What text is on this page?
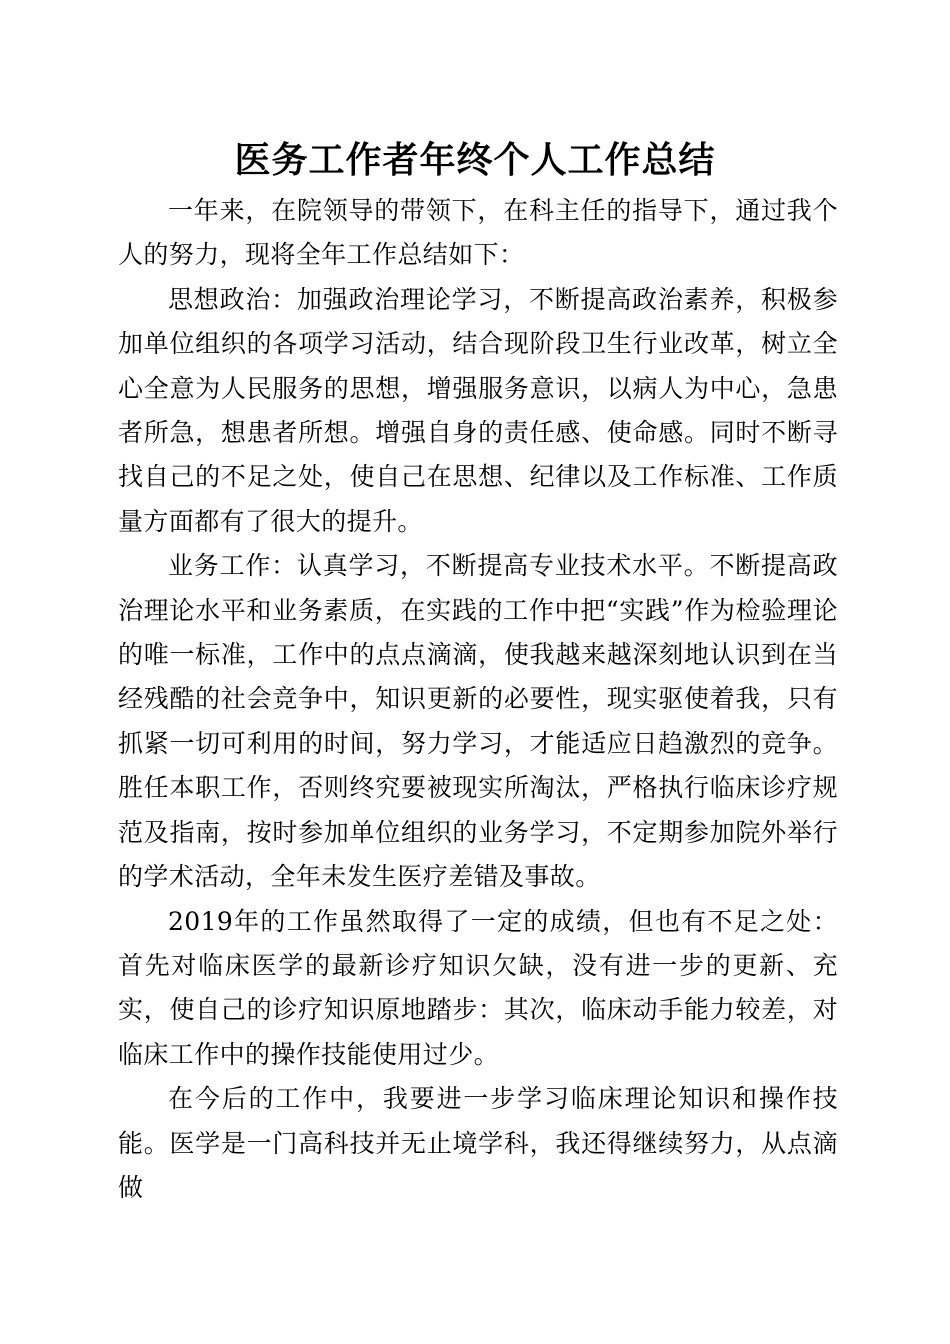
医务工作者年终个人工作总结

一年来，在院领导的带领下，在科主任的指导下，通过我个人的努力，现将全年工作总结如下：

思想政治：加强政治理论学习，不断提高政治素养，积极参加单位组织的各项学习活动，结合现阶段卫生行业改革，树立全心全意为人民服务的思想，增强服务意识，以病人为中心，急患者所急，想患者所想。增强自身的责任感、使命感。同时不断寻找自己的不足之处，使自己在思想、纪律以及工作标准、工作质量方面都有了很大的提升。

业务工作：认真学习，不断提高专业技术水平。不断提高政治理论水平和业务素质，在实践的工作中把“实践”作为检验理论的唯一标准，工作中的点点滴滴，使我越来越深刻地认识到在当经残酷的社会竞争中，知识更新的必要性，现实驱使着我，只有抓紧一切可利用的时间，努力学习，才能适应日趋激烈的竞争。胜任本职工作，否则终究要被现实所淘汰，严格执行临床诊疗规范及指南，按时参加单位组织的业务学习，不定期参加院外举行的学术活动，全年未发生医疗差错及事故。

2019年的工作虽然取得了一定的成绩，但也有不足之处：首先对临床医学的最新诊疗知识欠缺，没有进一步的更新、充实，使自己的诊疗知识原地踏步：其次，临床动手能力较差，对临床工作中的操作技能使用过少。

在今后的工作中，我要进一步学习临床理论知识和操作技能。医学是一门高科技并无止境学科，我还得继续努力，从点滴做
